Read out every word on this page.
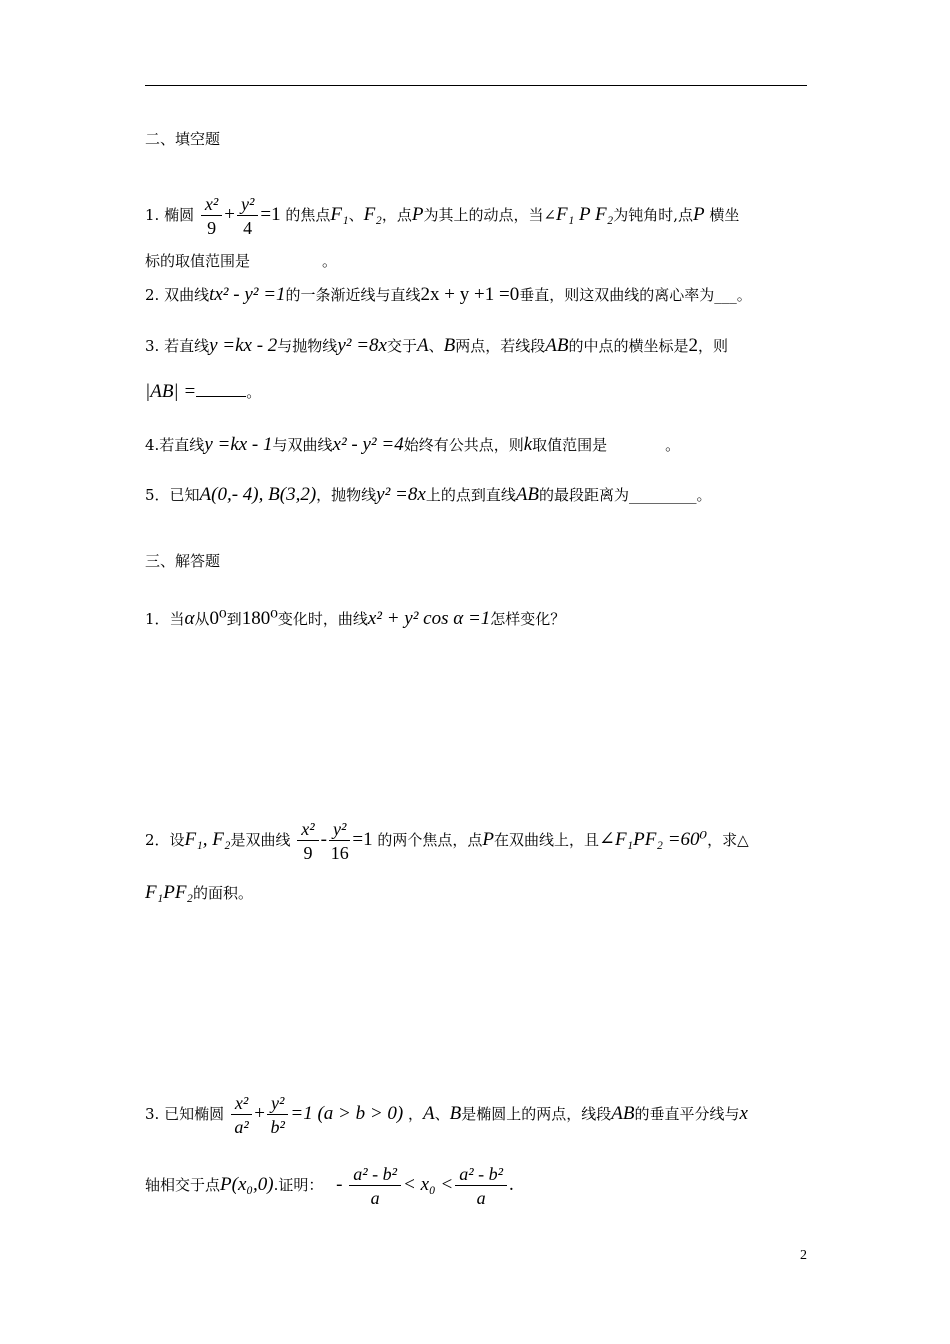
二、填空题
1. 椭圆 $\frac{\text{x²}}{9} + \frac{\text{y²}}{4} =1$ 的焦点F₁、F₂，点P为其上的动点，当∠F₁ P F₂为钝角时,点P 横坐
标的取值范围是	。
2. 双曲线tx² - y² =1的一条渐近线与直线2x + y +1 =0垂直，则这双曲线的离心率为___。
3. 若直线y =kx - 2与抛物线y² =8x交于A、B两点，若线段AB的中点的横坐标是2，则
|AB| =	。
4.若直线y =kx - 1与双曲线x² - y² =4始终有公共点，则k取值范围是	。
5．已知A(0,- 4), B(3,2)，抛物线y² =8x上的点到直线AB的最段距离为_________。
三、解答题
1．当α从0⁰到180⁰变化时，曲线x² + y² cos α =1怎样变化？
2．设F₁, F₂是双曲线 $\frac{\text{x²}}{9} - \frac{\text{y²}}{16} =1$ 的两个焦点，点P在双曲线上，且∠F₁PF₂ =60⁰，求△
F₁PF₂的面积。
3. 已知椭圆 $\frac{\text{x²}}{\text{a²}} + \frac{\text{y²}}{\text{b²}} =1$ (a > b > 0) ，A、B是椭圆上的两点，线段AB的垂直平分线与x
轴相交于点P(x₀,0).证明： - $\frac{\text{a² - b²}}{a} < x_0 < \frac{\text{a² - b²}}{a}$ .
2
